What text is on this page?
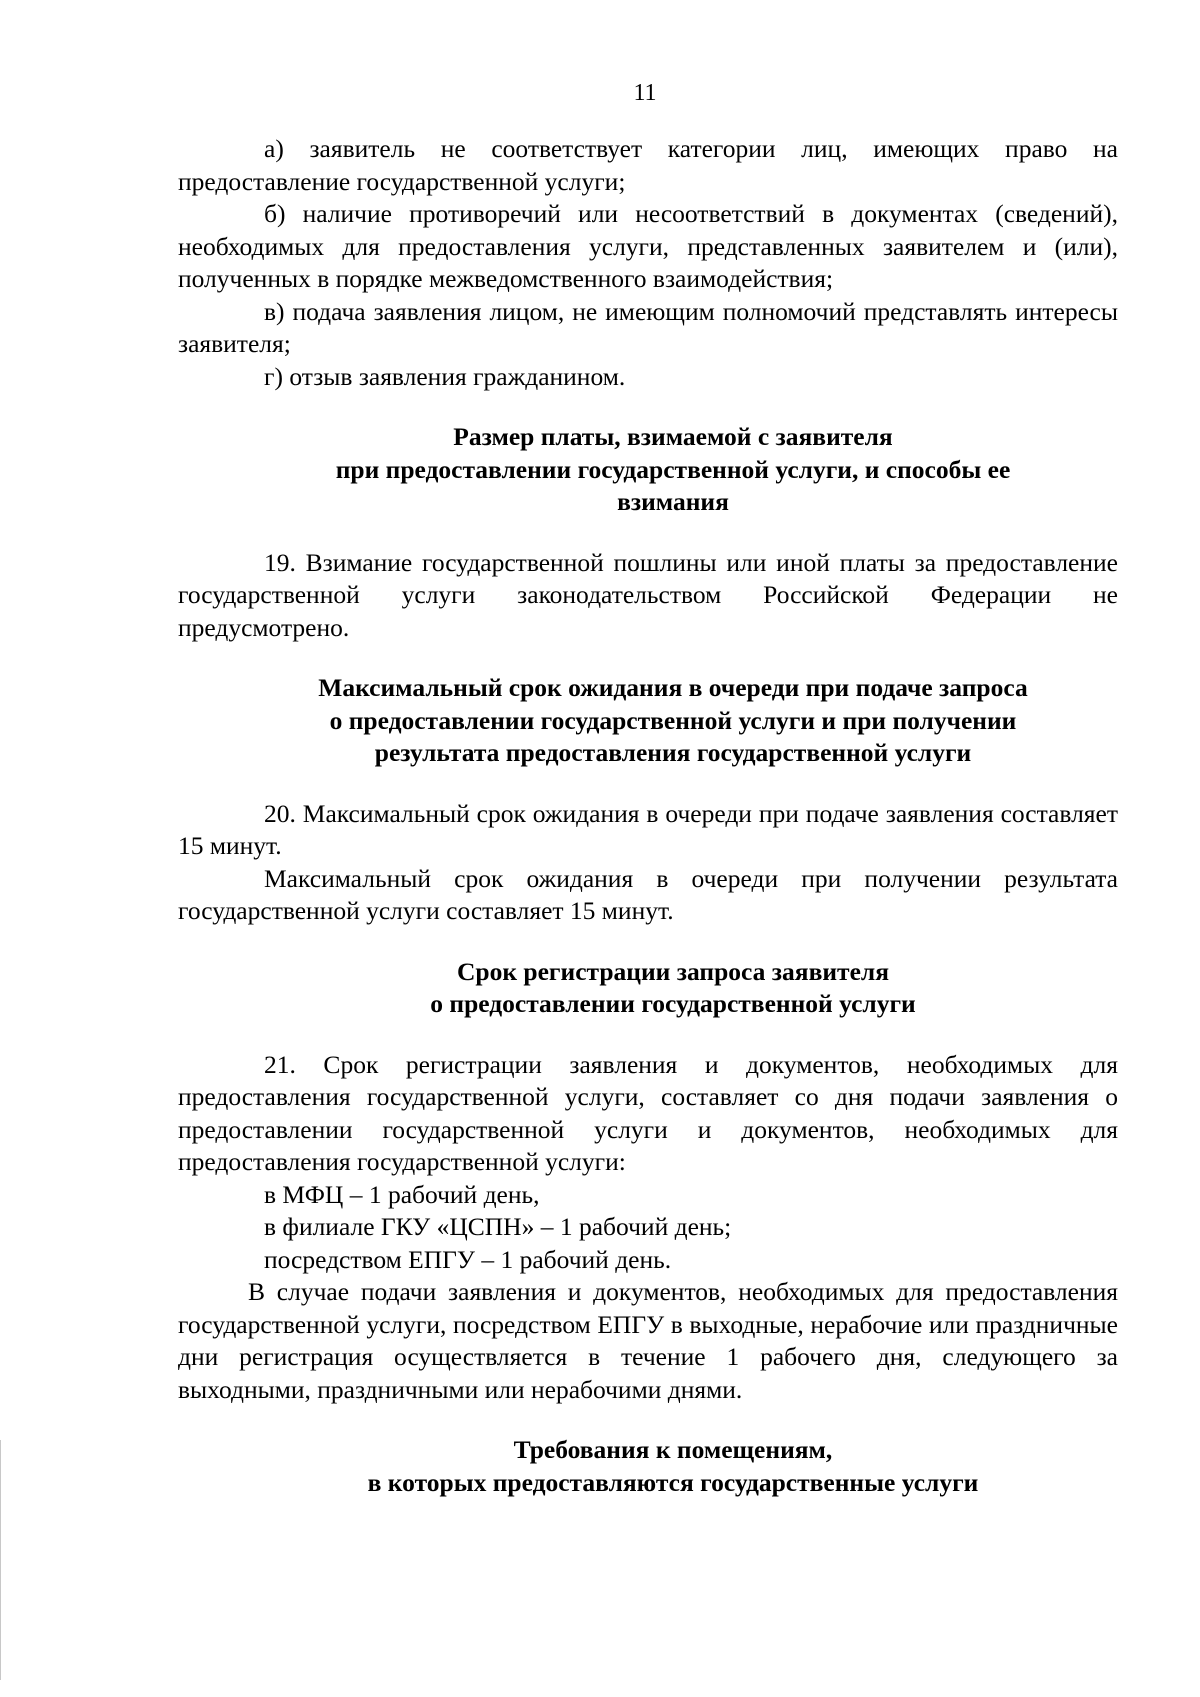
11

а) заявитель не соответствует категории лиц, имеющих право на предоставление государственной услуги;

б) наличие противоречий или несоответствий в документах (сведений), необходимых для предоставления услуги, представленных заявителем и (или), полученных в порядке межведомственного взаимодействия;

в) подача заявления лицом, не имеющим полномочий представлять интересы заявителя;

г) отзыв заявления гражданином.

Размер платы, взимаемой с заявителя
при предоставлении государственной услуги, и способы ее
взимания

19. Взимание государственной пошлины или иной платы за предоставление государственной услуги законодательством Российской Федерации не предусмотрено.

Максимальный срок ожидания в очереди при подаче запроса
о предоставлении государственной услуги и при получении
результата предоставления государственной услуги

20. Максимальный срок ожидания в очереди при подаче заявления составляет 15 минут.

Максимальный срок ожидания в очереди при получении результата государственной услуги составляет 15 минут.

Срок регистрации запроса заявителя
о предоставлении государственной услуги

21. Срок регистрации заявления и документов, необходимых для предоставления государственной услуги, составляет со дня подачи заявления о предоставлении государственной услуги и документов, необходимых для предоставления государственной услуги:

в МФЦ – 1 рабочий день,

в филиале ГКУ «ЦСПН» – 1 рабочий день;

посредством ЕПГУ – 1 рабочий день.

В случае подачи заявления и документов, необходимых для предоставления государственной услуги, посредством ЕПГУ в выходные, нерабочие или праздничные дни регистрация осуществляется в течение 1 рабочего дня, следующего за выходными, праздничными или нерабочими днями.

Требования к помещениям,
в которых предоставляются государственные услуги
